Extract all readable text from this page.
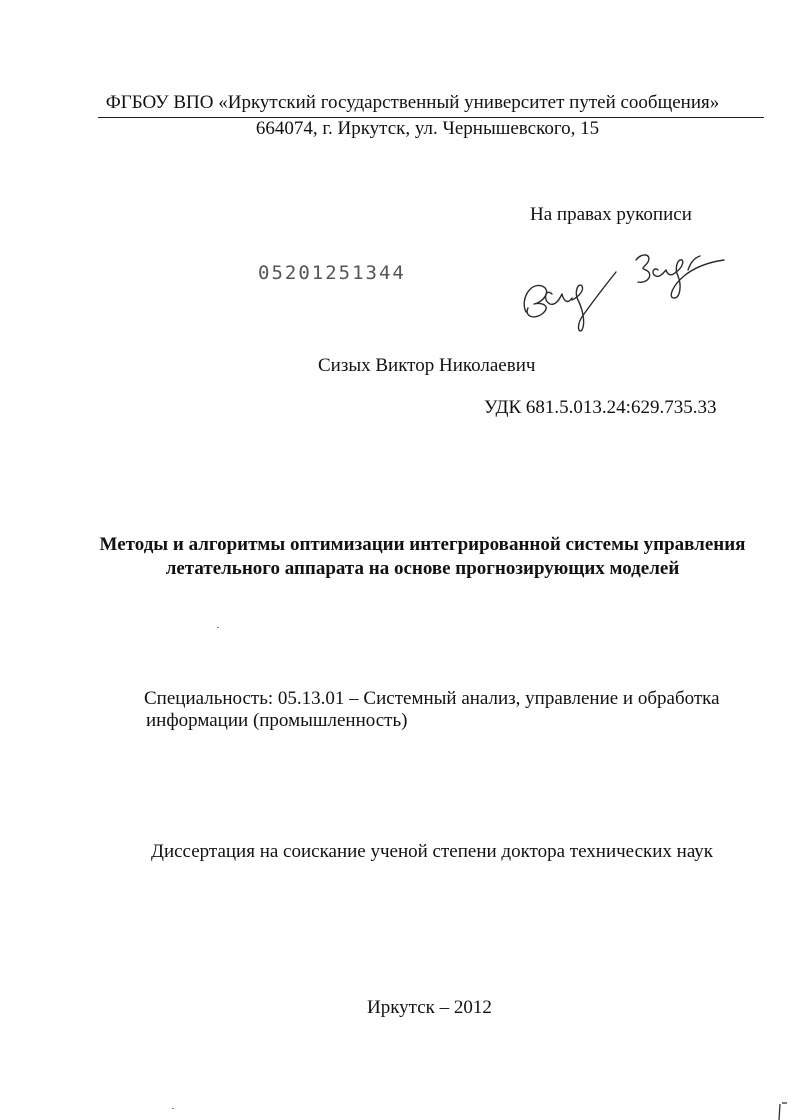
ФГБОУ ВПО «Иркутский государственный университет путей сообщения»
664074, г. Иркутск, ул. Чернышевского, 15
На правах рукописи
05201251344
Сизых Виктор Николаевич
УДК 681.5.013.24:629.735.33
Методы и алгоритмы оптимизации интегрированной системы управления
летательного аппарата на основе прогнозирующих моделей
Специальность: 05.13.01 – Системный анализ, управление и обработка
информации (промышленность)
Диссертация на соискание ученой степени доктора технических наук
Иркутск – 2012
